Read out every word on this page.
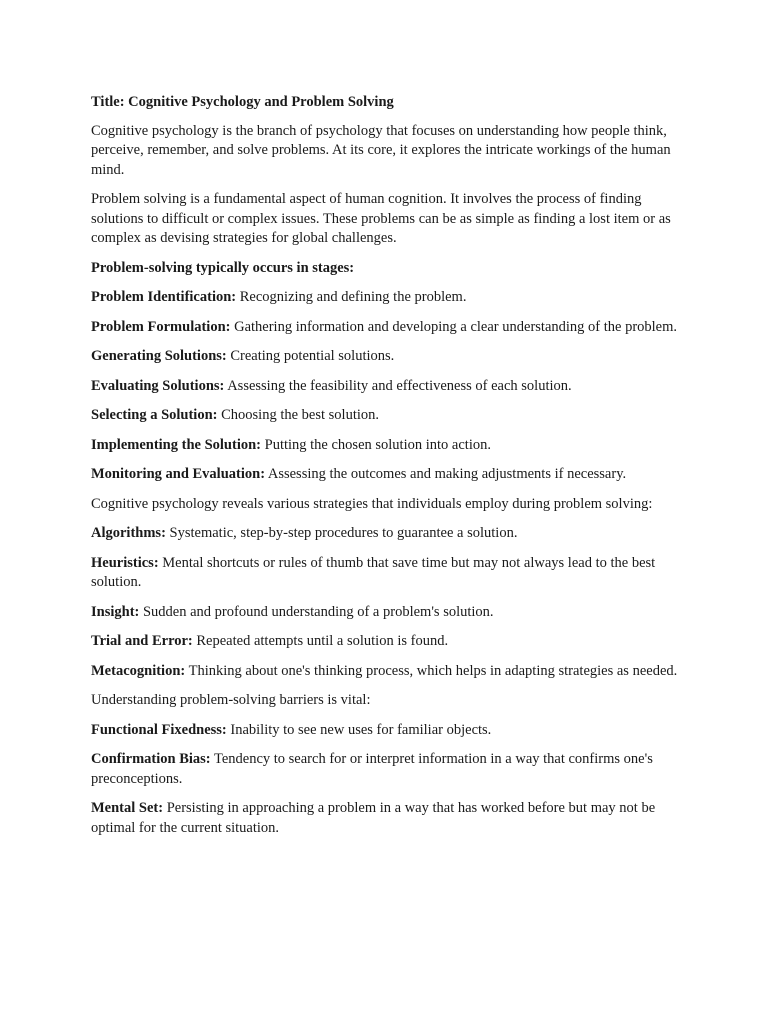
Title: Cognitive Psychology and Problem Solving

Cognitive psychology is the branch of psychology that focuses on understanding how people think, perceive, remember, and solve problems. At its core, it explores the intricate workings of the human mind.

Problem solving is a fundamental aspect of human cognition. It involves the process of finding solutions to difficult or complex issues. These problems can be as simple as finding a lost item or as complex as devising strategies for global challenges.

Problem-solving typically occurs in stages:

Problem Identification: Recognizing and defining the problem.

Problem Formulation: Gathering information and developing a clear understanding of the problem.

Generating Solutions: Creating potential solutions.

Evaluating Solutions: Assessing the feasibility and effectiveness of each solution.

Selecting a Solution: Choosing the best solution.

Implementing the Solution: Putting the chosen solution into action.

Monitoring and Evaluation: Assessing the outcomes and making adjustments if necessary.

Cognitive psychology reveals various strategies that individuals employ during problem solving:

Algorithms: Systematic, step-by-step procedures to guarantee a solution.

Heuristics: Mental shortcuts or rules of thumb that save time but may not always lead to the best solution.

Insight: Sudden and profound understanding of a problem's solution.

Trial and Error: Repeated attempts until a solution is found.

Metacognition: Thinking about one's thinking process, which helps in adapting strategies as needed.

Understanding problem-solving barriers is vital:

Functional Fixedness: Inability to see new uses for familiar objects.

Confirmation Bias: Tendency to search for or interpret information in a way that confirms one's preconceptions.

Mental Set: Persisting in approaching a problem in a way that has worked before but may not be optimal for the current situation.
